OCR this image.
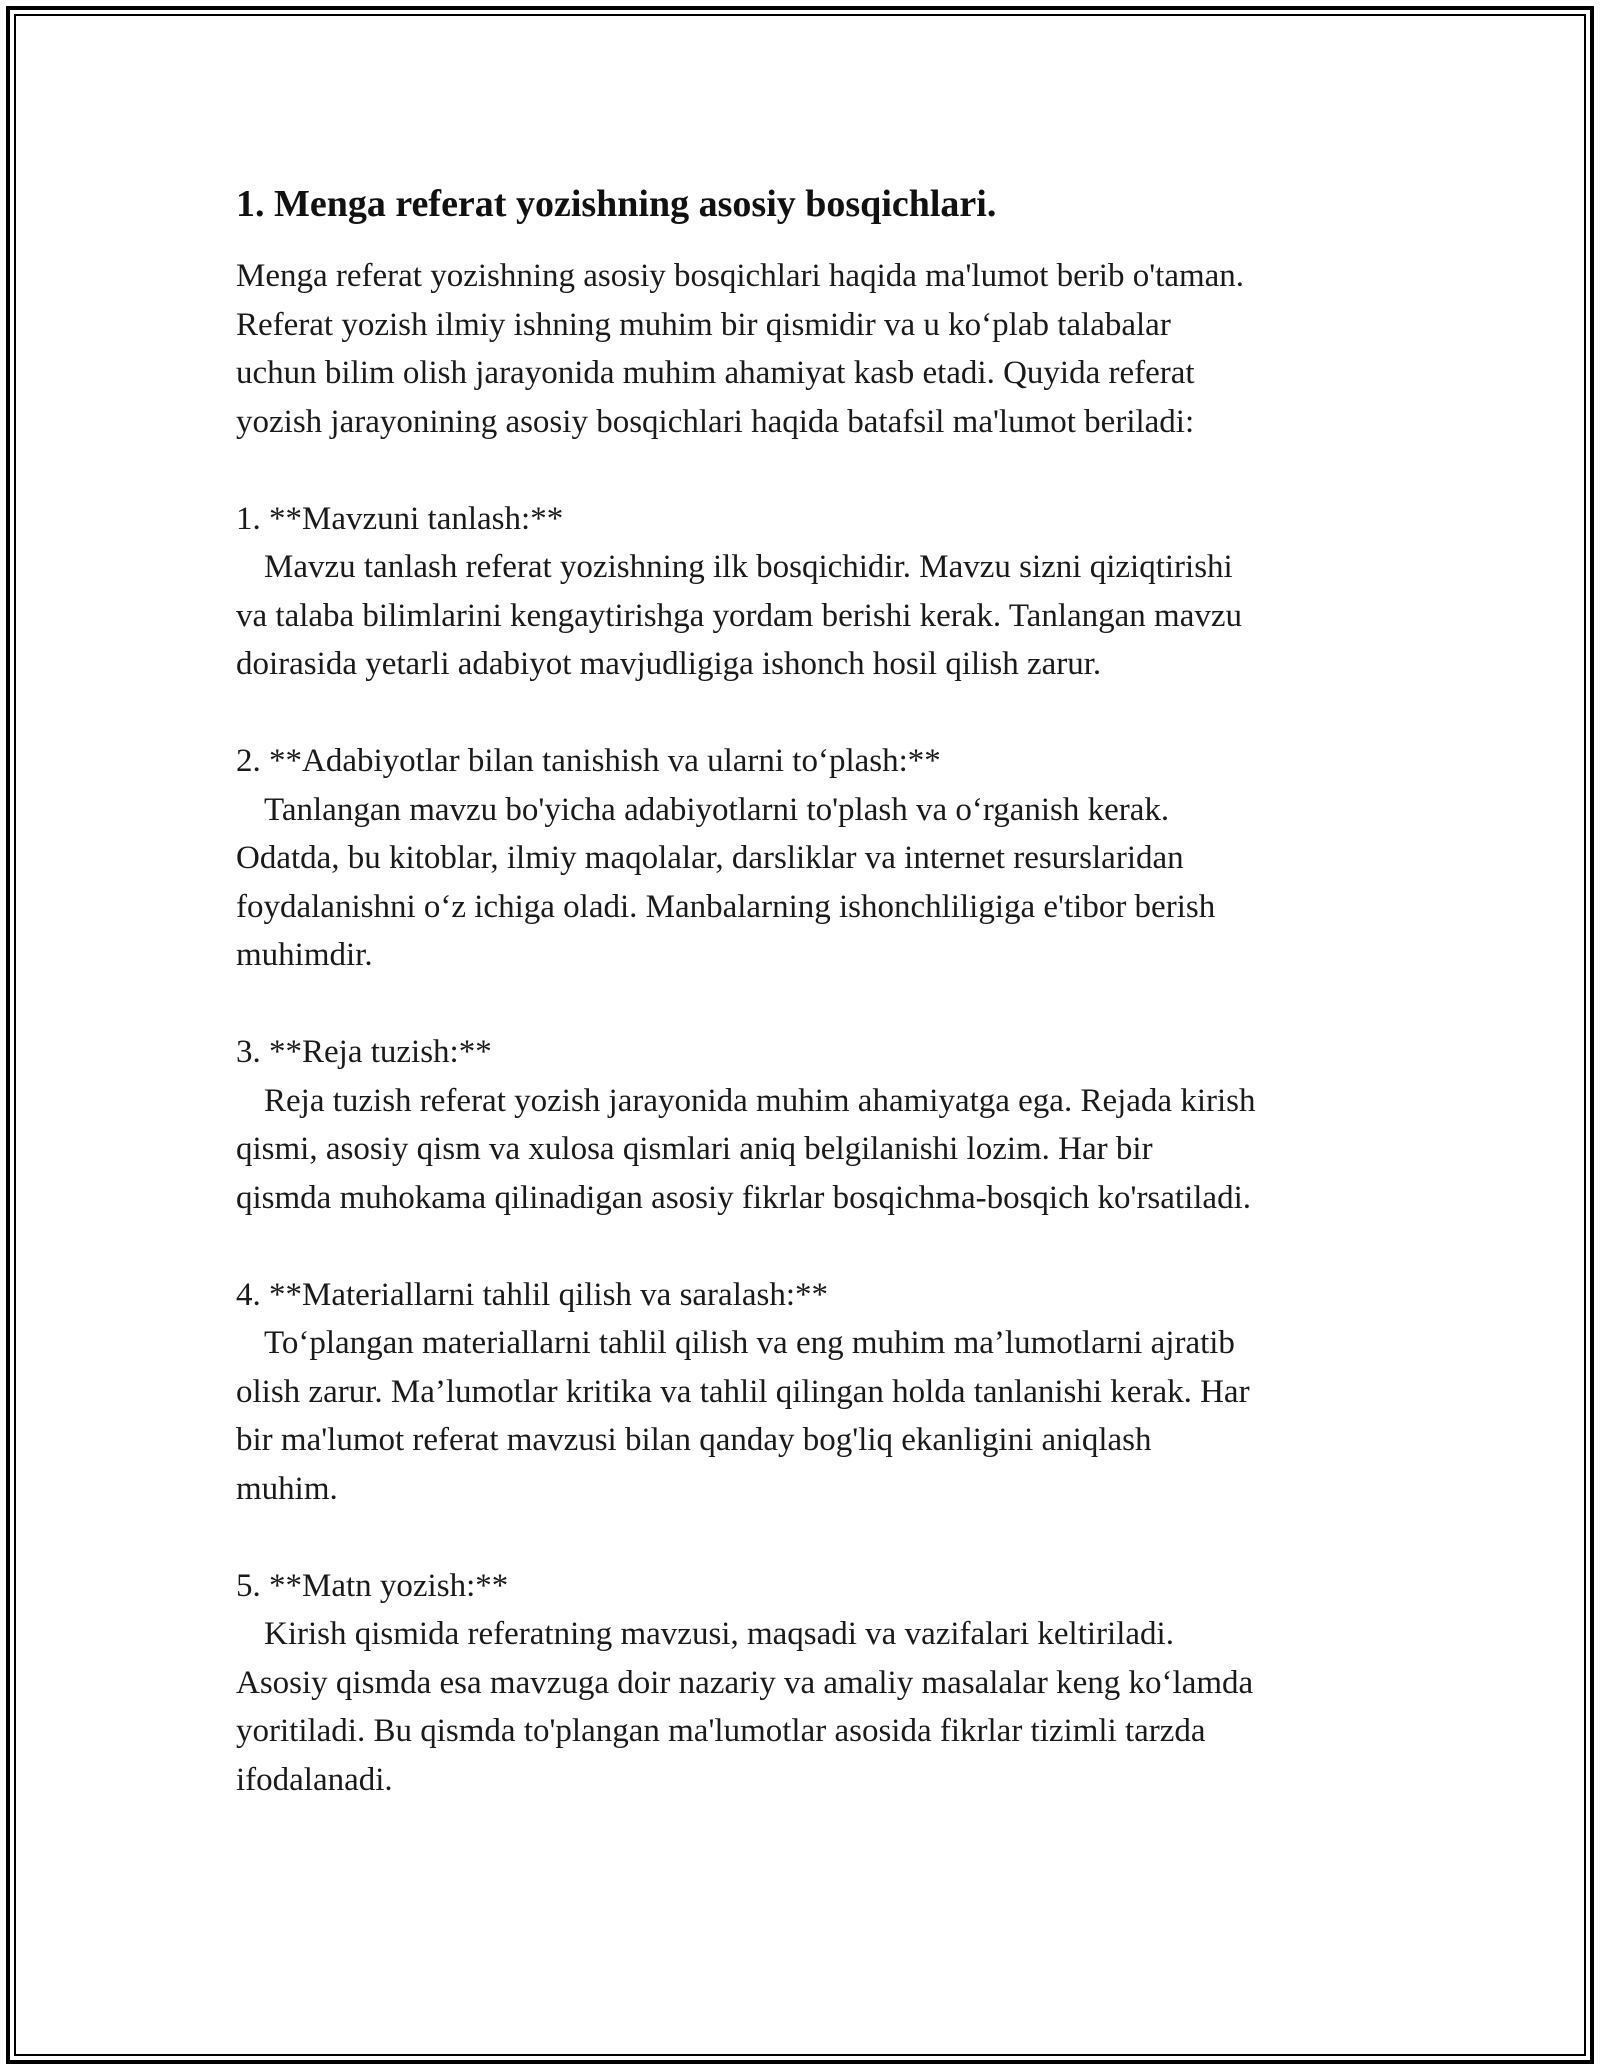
1. Menga referat yozishning asosiy bosqichlari.
Menga referat yozishning asosiy bosqichlari haqida ma'lumot berib o'taman.
Referat yozish ilmiy ishning muhim bir qismidir va u ko‘plab talabalar
uchun bilim olish jarayonida muhim ahamiyat kasb etadi. Quyida referat
yozish jarayonining asosiy bosqichlari haqida batafsil ma'lumot beriladi:
1. **Mavzuni tanlash:**
Mavzu tanlash referat yozishning ilk bosqichidir. Mavzu sizni qiziqtirishi
va talaba bilimlarini kengaytirishga yordam berishi kerak. Tanlangan mavzu
doirasida yetarli adabiyot mavjudligiga ishonch hosil qilish zarur.
2. **Adabiyotlar bilan tanishish va ularni to‘plash:**
Tanlangan mavzu bo'yicha adabiyotlarni to'plash va o‘rganish kerak.
Odatda, bu kitoblar, ilmiy maqolalar, darsliklar va internet resurslaridan
foydalanishni o‘z ichiga oladi. Manbalarning ishonchliligiga e'tibor berish
muhimdir.
3. **Reja tuzish:**
Reja tuzish referat yozish jarayonida muhim ahamiyatga ega. Rejada kirish
qismi, asosiy qism va xulosa qismlari aniq belgilanishi lozim. Har bir
qismda muhokama qilinadigan asosiy fikrlar bosqichma-bosqich ko'rsatiladi.
4. **Materiallarni tahlil qilish va saralash:**
To‘plangan materiallarni tahlil qilish va eng muhim ma’lumotlarni ajratib
olish zarur. Ma’lumotlar kritika va tahlil qilingan holda tanlanishi kerak. Har
bir ma'lumot referat mavzusi bilan qanday bog'liq ekanligini aniqlash
muhim.
5. **Matn yozish:**
Kirish qismida referatning mavzusi, maqsadi va vazifalari keltiriladi.
Asosiy qismda esa mavzuga doir nazariy va amaliy masalalar keng ko‘lamda
yoritiladi. Bu qismda to'plangan ma'lumotlar asosida fikrlar tizimli tarzda
ifodalanadi.
